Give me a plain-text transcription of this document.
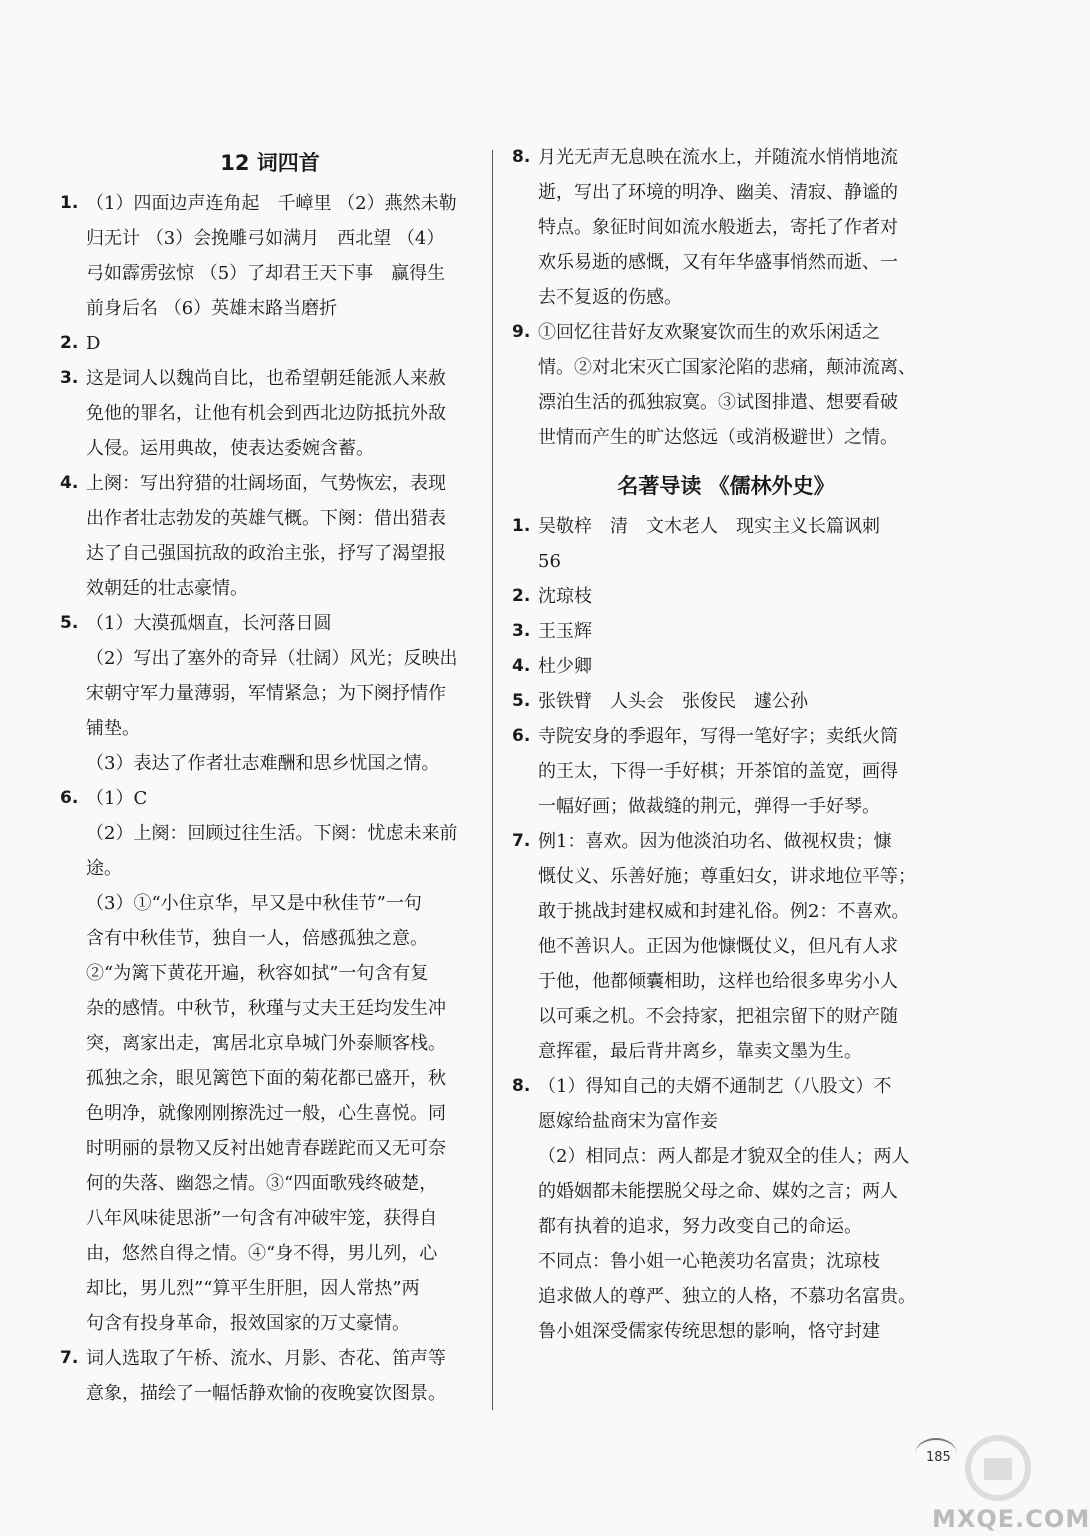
12 词四首
1. （1）四面边声连角起　千嶂里 （2）燕然未勒
归无计 （3）会挽雕弓如满月　西北望 （4）
弓如霹雳弦惊 （5）了却君王天下事　赢得生
前身后名 （6）英雄末路当磨折
2. D
3. 这是词人以魏尚自比，也希望朝廷能派人来赦
免他的罪名，让他有机会到西北边防抵抗外敌
人侵。运用典故，使表达委婉含蓄。
4. 上阕：写出狩猎的壮阔场面，气势恢宏，表现
出作者壮志勃发的英雄气概。下阕：借出猎表
达了自己强国抗敌的政治主张，抒写了渴望报
效朝廷的壮志豪情。
5. （1）大漠孤烟直，长河落日圆
（2）写出了塞外的奇异（壮阔）风光；反映出
宋朝守军力量薄弱，军情紧急；为下阕抒情作
铺垫。
（3）表达了作者壮志难酬和思乡忧国之情。
6. （1）C
（2）上阕：回顾过往生活。下阕：忧虑未来前途。
（3）①“小住京华，早又是中秋佳节”一句
含有中秋佳节，独自一人，倍感孤独之意。
②“为篱下黄花开遍，秋容如拭”一句含有复
杂的感情。中秋节，秋瑾与丈夫王廷均发生冲
突，离家出走，寓居北京阜城门外泰顺客栈。
孤独之余，眼见篱笆下面的菊花都已盛开，秋
色明净，就像刚刚擦洗过一般，心生喜悦。同
时明丽的景物又反衬出她青春蹉跎而又无可奈
何的失落、幽怨之情。③“四面歌残终破楚，
八年风味徒思浙”一句含有冲破牢笼，获得自
由，悠然自得之情。④“身不得，男儿列，心
却比，男儿烈”“算平生肝胆，因人常热”两
句含有投身革命，报效国家的万丈豪情。
7. 词人选取了午桥、流水、月影、杏花、笛声等
意象，描绘了一幅恬静欢愉的夜晚宴饮图景。
8. 月光无声无息映在流水上，并随流水悄悄地流
逝，写出了环境的明净、幽美、清寂、静谧的
特点。象征时间如流水般逝去，寄托了作者对
欢乐易逝的感慨，又有年华盛事悄然而逝、一
去不复返的伤感。
9. ①回忆往昔好友欢聚宴饮而生的欢乐闲适之
情。②对北宋灭亡国家沦陷的悲痛，颠沛流离、
漂泊生活的孤独寂寞。③试图排遣、想要看破
世情而产生的旷达悠远（或消极避世）之情。
名著导读 《儒林外史》
1. 吴敬梓　清　文木老人　现实主义长篇讽刺
56
2. 沈琼枝
3. 王玉辉
4. 杜少卿
5. 张铁臂　人头会　张俊民　遽公孙
6. 寺院安身的季遐年，写得一笔好字；卖纸火筒
的王太，下得一手好棋；开茶馆的盖宽，画得
一幅好画；做裁缝的荆元，弹得一手好琴。
7. 例1：喜欢。因为他淡泊功名、做视权贵；慷
慨仗义、乐善好施；尊重妇女，讲求地位平等；
敢于挑战封建权威和封建礼俗。例2：不喜欢。
他不善识人。正因为他慷慨仗义，但凡有人求
于他，他都倾囊相助，这样也给很多卑劣小人
以可乘之机。不会持家，把祖宗留下的财产随
意挥霍，最后背井离乡，靠卖文墨为生。
8. （1）得知自己的夫婿不通制艺（八股文）不
愿嫁给盐商宋为富作妾
（2）相同点：两人都是才貌双全的佳人；两人
的婚姻都未能摆脱父母之命、媒妁之言；两人
都有执着的追求，努力改变自己的命运。
不同点：鲁小姐一心艳羡功名富贵；沈琼枝
追求做人的尊严、独立的人格，不慕功名富贵。
鲁小姐深受儒家传统思想的影响，恪守封建
185
MXQE.COM
